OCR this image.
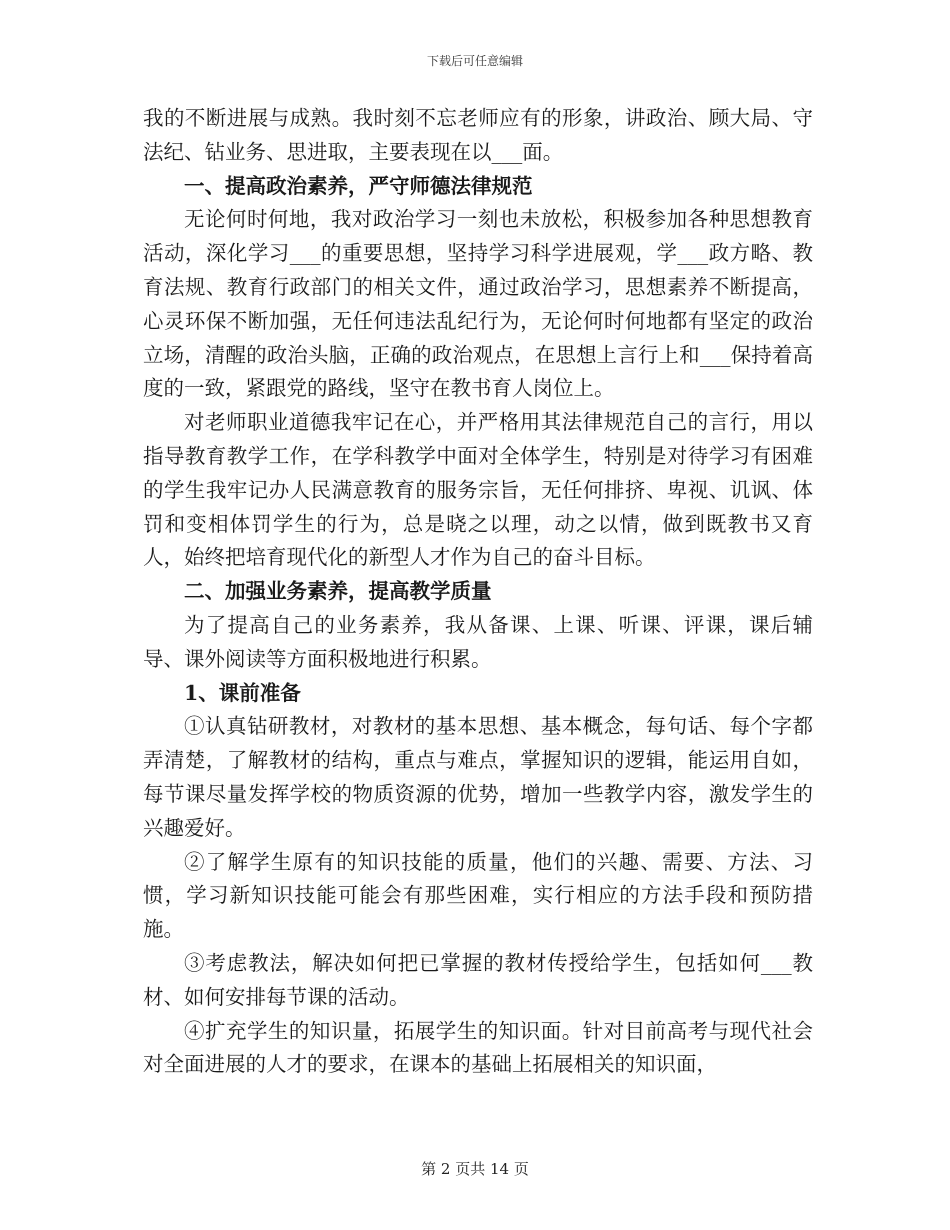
下载后可任意编辑

我的不断进展与成熟。我时刻不忘老师应有的形象，讲政治、顾大局、守法纪、钻业务、思进取，主要表现在以___面。

一、提高政治素养，严守师德法律规范

无论何时何地，我对政治学习一刻也未放松，积极参加各种思想教育活动，深化学习___的重要思想，坚持学习科学进展观，学___政方略、教育法规、教育行政部门的相关文件，通过政治学习，思想素养不断提高，心灵环保不断加强，无任何违法乱纪行为，无论何时何地都有坚定的政治立场，清醒的政治头脑，正确的政治观点，在思想上言行上和___保持着高度的一致，紧跟党的路线，坚守在教书育人岗位上。

对老师职业道德我牢记在心，并严格用其法律规范自己的言行，用以指导教育教学工作，在学科教学中面对全体学生，特别是对待学习有困难的学生我牢记办人民满意教育的服务宗旨，无任何排挤、卑视、讥讽、体罚和变相体罚学生的行为，总是晓之以理，动之以情，做到既教书又育人，始终把培育现代化的新型人才作为自己的奋斗目标。

二、加强业务素养，提高教学质量

为了提高自己的业务素养，我从备课、上课、听课、评课，课后辅导、课外阅读等方面积极地进行积累。

1、课前准备

①认真钻研教材，对教材的基本思想、基本概念，每句话、每个字都弄清楚，了解教材的结构，重点与难点，掌握知识的逻辑，能运用自如，每节课尽量发挥学校的物质资源的优势，增加一些教学内容，激发学生的兴趣爱好。

②了解学生原有的知识技能的质量，他们的兴趣、需要、方法、习惯，学习新知识技能可能会有那些困难，实行相应的方法手段和预防措施。

③考虑教法，解决如何把已掌握的教材传授给学生，包括如何___教材、如何安排每节课的活动。

④扩充学生的知识量，拓展学生的知识面。针对目前高考与现代社会对全面进展的人才的要求，在课本的基础上拓展相关的知识面，

第 2 页共 14 页
